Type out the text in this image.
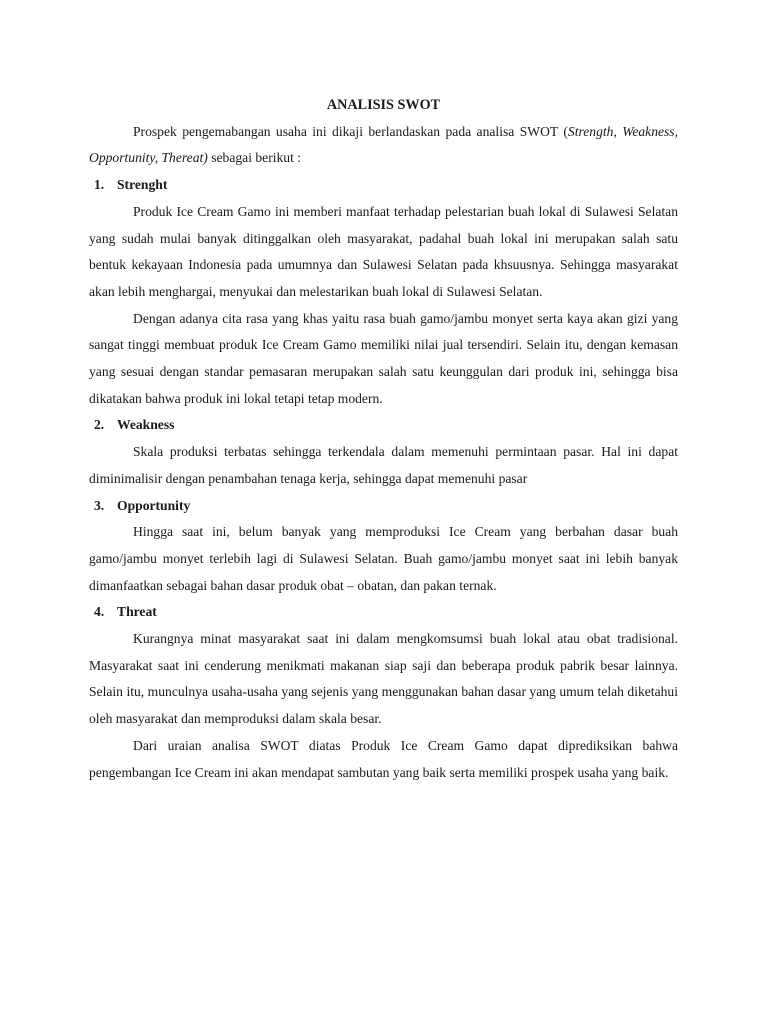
ANALISIS SWOT

Prospek pengemabangan usaha ini dikaji berlandaskan pada analisa SWOT (Strength, Weakness, Opportunity, Thereat) sebagai berikut :

1. Strenght

Produk Ice Cream Gamo ini memberi manfaat terhadap pelestarian buah lokal di Sulawesi Selatan yang sudah mulai banyak ditinggalkan oleh masyarakat, padahal buah lokal ini merupakan salah satu bentuk kekayaan Indonesia pada umumnya dan Sulawesi Selatan pada khsuusnya. Sehingga masyarakat akan lebih menghargai, menyukai dan melestarikan buah lokal di Sulawesi Selatan.

Dengan adanya cita rasa yang khas yaitu rasa buah gamo/jambu monyet serta kaya akan gizi yang sangat tinggi membuat produk Ice Cream Gamo memiliki nilai jual tersendiri. Selain itu, dengan kemasan yang sesuai dengan standar pemasaran merupakan salah satu keunggulan dari produk ini, sehingga bisa dikatakan bahwa produk ini lokal tetapi tetap modern.

2. Weakness

Skala produksi terbatas sehingga terkendala dalam memenuhi permintaan pasar. Hal ini dapat diminimalisir dengan penambahan tenaga kerja, sehingga dapat memenuhi pasar

3. Opportunity

Hingga saat ini, belum banyak yang memproduksi Ice Cream yang berbahan dasar buah gamo/jambu monyet terlebih lagi di Sulawesi Selatan. Buah gamo/jambu monyet saat ini lebih banyak dimanfaatkan sebagai bahan dasar produk obat – obatan, dan pakan ternak.

4. Threat

Kurangnya minat masyarakat saat ini dalam mengkomsumsi buah lokal atau obat tradisional. Masyarakat saat ini cenderung menikmati makanan siap saji dan beberapa produk pabrik besar lainnya. Selain itu, munculnya usaha-usaha yang sejenis yang menggunakan bahan dasar yang umum telah diketahui oleh masyarakat dan memproduksi dalam skala besar.

Dari uraian analisa SWOT diatas Produk Ice Cream Gamo dapat diprediksikan bahwa pengembangan Ice Cream ini akan mendapat sambutan yang baik serta memiliki prospek usaha yang baik.
